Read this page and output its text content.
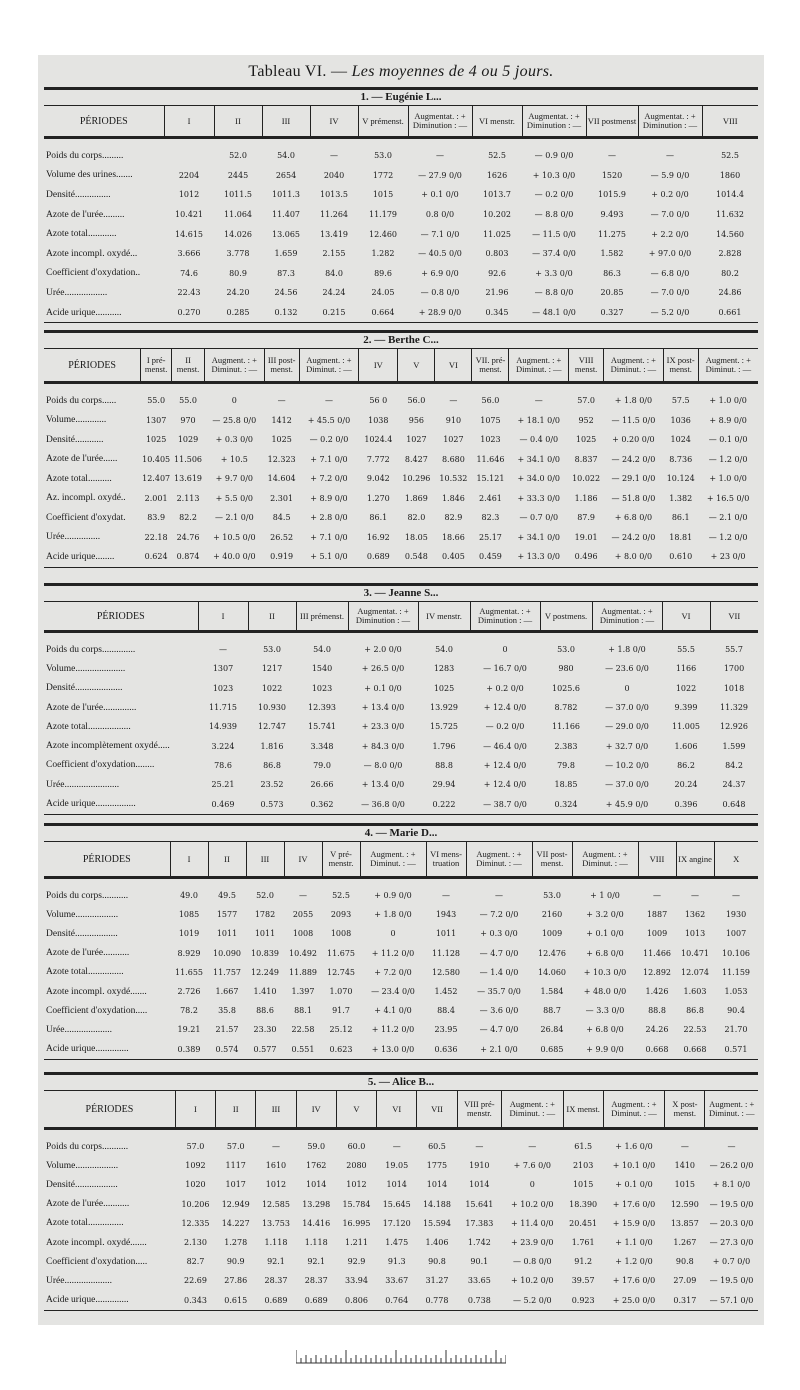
Tableau VI. — Les moyennes de 4 ou 5 jours.
1. — Eugénie L...
PÉRIODES	I	II	III	IV	V prémenst.	Augmentat. : + Diminution : —	VI menstr.	Augmentat. : + Diminution : —	VII postmenst	Augmentat. : + Diminution : —	VIII

Poids du corps.........		52.0	54.0	—	53.0	—	52.5	— 0.9 0/0	—	—	52.5
Volume des urines.......	2204	2445	2654	2040	1772	— 27.9 0/0	1626	+ 10.3 0/0	1520	— 5.9 0/0	1860
Densité...............	1012	1011.5	1011.3	1013.5	1015	+ 0.1 0/0	1013.7	— 0.2 0/0	1015.9	+ 0.2 0/0	1014.4
Azote de l'urée.........	10.421	11.064	11.407	11.264	11.179	0.8 0/0	10.202	— 8.8 0/0	9.493	— 7.0 0/0	11.632
Azote total............	14.615	14.026	13.065	13.419	12.460	— 7.1 0/0	11.025	— 11.5 0/0	11.275	+ 2.2 0/0	14.560
Azote incompl. oxydé...	3.666	3.778	1.659	2.155	1.282	— 40.5 0/0	0.803	— 37.4 0/0	1.582	+ 97.0 0/0	2.828
Coefficient d'oxydation..	74.6	80.9	87.3	84.0	89.6	+ 6.9 0/0	92.6	+ 3.3 0/0	86.3	— 6.8 0/0	80.2
Urée..................	22.43	24.20	24.56	24.24	24.05	— 0.8 0/0	21.96	— 8.8 0/0	20.85	— 7.0 0/0	24.86
Acide urique...........	0.270	0.285	0.132	0.215	0.664	+ 28.9 0/0	0.345	— 48.1 0/0	0.327	— 5.2 0/0	0.661
2. — Berthe C...
PÉRIODES	I pré-menst.	II menst.	Augment. : + Diminut. : —	III post-menst.	Augment. : + Diminut. : —	IV	V	VI	VII. pré-menst.	Augment. : + Diminut. : —	VIII menst.	Augment. : + Diminut. : —	IX post-menst.	Augment. : + Diminut. : —

Poids du corps......	55.0	55.0	0	—	—	56 0	56.0	—	56.0	—	57.0	+ 1.8 0/0	57.5	+ 1.0 0/0
Volume.............	1307	970	— 25.8 0/0	1412	+ 45.5 0/0	1038	956	910	1075	+ 18.1 0/0	952	— 11.5 0/0	1036	+ 8.9 0/0
Densité............	1025	1029	+ 0.3 0/0	1025	— 0.2 0/0	1024.4	1027	1027	1023	— 0.4 0/0	1025	+ 0.20 0/0	1024	— 0.1 0/0
Azote de l'urée......	10.405	11.506	+ 10.5	12.323	+ 7.1 0/0	7.772	8.427	8.680	11.646	+ 34.1 0/0	8.837	— 24.2 0/0	8.736	— 1.2 0/0
Azote total..........	12.407	13.619	+ 9.7 0/0	14.604	+ 7.2 0/0	9.042	10.296	10.532	15.121	+ 34.0 0/0	10.022	— 29.1 0/0	10.124	+ 1.0 0/0
Az. incompl. oxydé..	2.001	2.113	+ 5.5 0/0	2.301	+ 8.9 0/0	1.270	1.869	1.846	2.461	+ 33.3 0/0	1.186	— 51.8 0/0	1.382	+ 16.5 0/0
Coefficient d'oxydat.	83.9	82.2	— 2.1 0/0	84.5	+ 2.8 0/0	86.1	82.0	82.9	82.3	— 0.7 0/0	87.9	+ 6.8 0/0	86.1	— 2.1 0/0
Urée...............	22.18	24.76	+ 10.5 0/0	26.52	+ 7.1 0/0	16.92	18.05	18.66	25.17	+ 34.1 0/0	19.01	— 24.2 0/0	18.81	— 1.2 0/0
Acide urique........	0.624	0.874	+ 40.0 0/0	0.919	+ 5.1 0/0	0.689	0.548	0.405	0.459	+ 13.3 0/0	0.496	+ 8.0 0/0	0.610	+ 23 0/0
3. — Jeanne S...
PÉRIODES	I	II	III prémenst.	Augmentat. : + Diminution : —	IV menstr.	Augmentat. : + Diminution : —	V postmens.	Augmentat. : + Diminution : —	VI	VII

Poids du corps..............	—	53.0	54.0	+ 2.0 0/0	54.0	0	53.0	+ 1.8 0/0	55.5	55.7
Volume.....................	1307	1217	1540	+ 26.5 0/0	1283	— 16.7 0/0	980	— 23.6 0/0	1166	1700
Densité....................	1023	1022	1023	+ 0.1 0/0	1025	+ 0.2 0/0	1025.6	0	1022	1018
Azote de l'urée..............	11.715	10.930	12.393	+ 13.4 0/0	13.929	+ 12.4 0/0	8.782	— 37.0 0/0	9.399	11.329
Azote total..................	14.939	12.747	15.741	+ 23.3 0/0	15.725	— 0.2 0/0	11.166	— 29.0 0/0	11.005	12.926
Azote incomplètement oxydé.....	3.224	1.816	3.348	+ 84.3 0/0	1.796	— 46.4 0/0	2.383	+ 32.7 0/0	1.606	1.599
Coefficient d'oxydation........	78.6	86.8	79.0	— 8.0 0/0	88.8	+ 12.4 0/0	79.8	— 10.2 0/0	86.2	84.2
Urée.......................	25.21	23.52	26.66	+ 13.4 0/0	29.94	+ 12.4 0/0	18.85	— 37.0 0/0	20.24	24.37
Acide urique.................	0.469	0.573	0.362	— 36.8 0/0	0.222	— 38.7 0/0	0.324	+ 45.9 0/0	0.396	0.648
4. — Marie D...
PÉRIODES	I	II	III	IV	V pré-menstr.	Augment. : + Diminut. : —	VI mens-truation	Augment. : + Diminut. : —	VII post-menst.	Augment. : + Diminut. : —	VIII	IX angine	X

Poids du corps...........	49.0	49.5	52.0	—	52.5	+ 0.9 0/0	—	—	53.0	+ 1 0/0	—	—	—
Volume..................	1085	1577	1782	2055	2093	+ 1.8 0/0	1943	— 7.2 0/0	2160	+ 3.2 0/0	1887	1362	1930
Densité..................	1019	1011	1011	1008	1008	0	1011	+ 0.3 0/0	1009	+ 0.1 0/0	1009	1013	1007
Azote de l'urée...........	8.929	10.090	10.839	10.492	11.675	+ 11.2 0/0	11.128	— 4.7 0/0	12.476	+ 6.8 0/0	11.466	10.471	10.106
Azote total...............	11.655	11.757	12.249	11.889	12.745	+ 7.2 0/0	12.580	— 1.4 0/0	14.060	+ 10.3 0/0	12.892	12.074	11.159
Azote incompl. oxydé.......	2.726	1.667	1.410	1.397	1.070	— 23.4 0/0	1.452	— 35.7 0/0	1.584	+ 48.0 0/0	1.426	1.603	1.053
Coefficient d'oxydation.....	78.2	35.8	88.6	88.1	91.7	+ 4.1 0/0	88.4	— 3.6 0/0	88.7	— 3.3 0/0	88.8	86.8	90.4
Urée....................	19.21	21.57	23.30	22.58	25.12	+ 11.2 0/0	23.95	— 4.7 0/0	26.84	+ 6.8 0/0	24.26	22.53	21.70
Acide urique..............	0.389	0.574	0.577	0.551	0.623	+ 13.0 0/0	0.636	+ 2.1 0/0	0.685	+ 9.9 0/0	0.668	0.668	0.571
5. — Alice B...
PÉRIODES	I	II	III	IV	V	VI	VII	VIII pré-menstr.	Augment. : + Diminut. : —	IX menst.	Augment. : + Diminut. : —	X post-menst.	Augment. : + Diminut. : —

Poids du corps...........	57.0	57.0	—	59.0	60.0	—	60.5	—	—	61.5	+ 1.6 0/0	—	—
Volume..................	1092	1117	1610	1762	2080	19.05	1775	1910	+ 7.6 0/0	2103	+ 10.1 0/0	1410	— 26.2 0/0
Densité..................	1020	1017	1012	1014	1012	1014	1014	1014	0	1015	+ 0.1 0/0	1015	+ 8.1 0/0
Azote de l'urée...........	10.206	12.949	12.585	13.298	15.784	15.645	14.188	15.641	+ 10.2 0/0	18.390	+ 17.6 0/0	12.590	— 19.5 0/0
Azote total...............	12.335	14.227	13.753	14.416	16.995	17.120	15.594	17.383	+ 11.4 0/0	20.451	+ 15.9 0/0	13.857	— 20.3 0/0
Azote incompl. oxydé.......	2.130	1.278	1.118	1.118	1.211	1.475	1.406	1.742	+ 23.9 0/0	1.761	+ 1.1 0/0	1.267	— 27.3 0/0
Coefficient d'oxydation.....	82.7	90.9	92.1	92.1	92.9	91.3	90.8	90.1	— 0.8 0/0	91.2	+ 1.2 0/0	90.8	+ 0.7 0/0
Urée....................	22.69	27.86	28.37	28.37	33.94	33.67	31.27	33.65	+ 10.2 0/0	39.57	+ 17.6 0/0	27.09	— 19.5 0/0
Acide urique..............	0.343	0.615	0.689	0.689	0.806	0.764	0.778	0.738	— 5.2 0/0	0.923	+ 25.0 0/0	0.317	— 57.1 0/0
